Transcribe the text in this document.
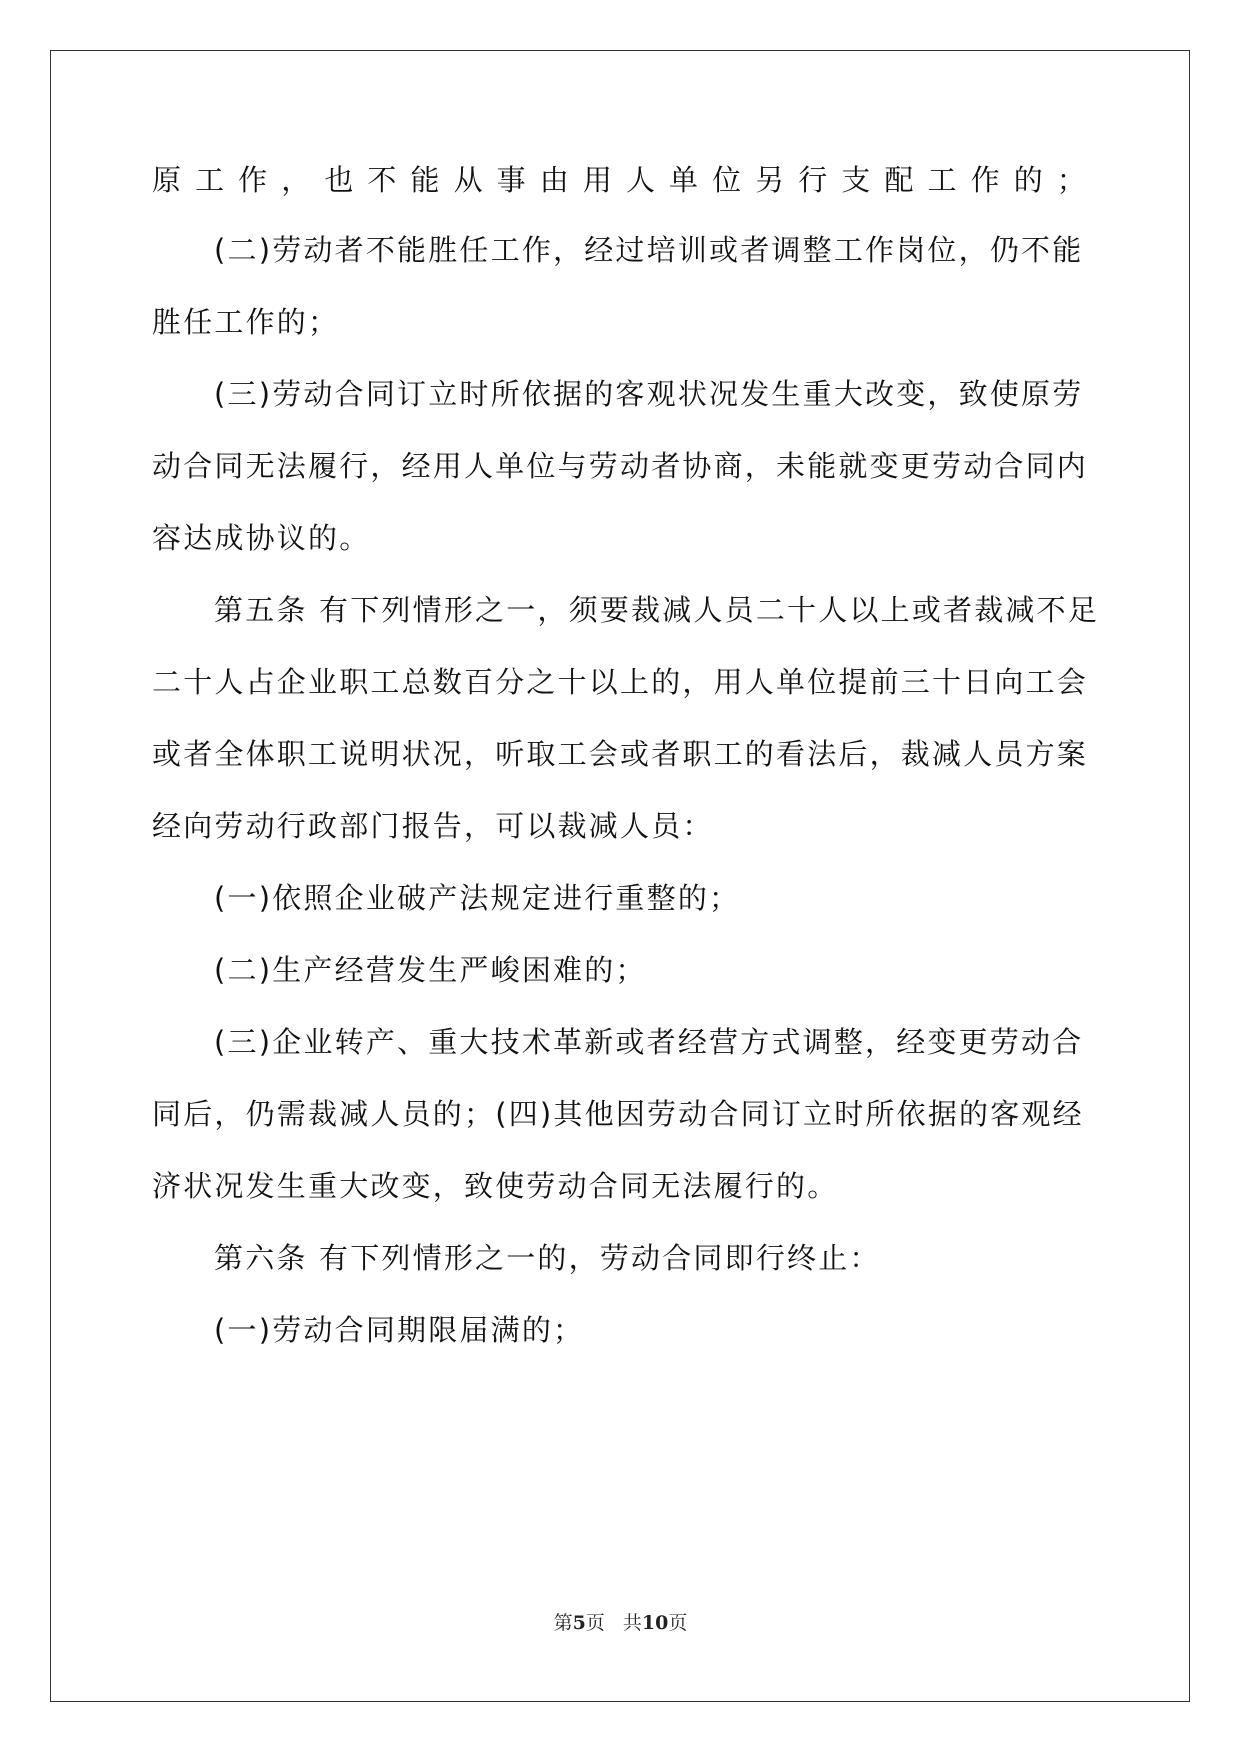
原工作，也不能从事由用人单位另行支配工作的；
(二)劳动者不能胜任工作，经过培训或者调整工作岗位，仍不能
胜任工作的；
(三)劳动合同订立时所依据的客观状况发生重大改变，致使原劳
动合同无法履行，经用人单位与劳动者协商，未能就变更劳动合同内
容达成协议的。
第五条 有下列情形之一，须要裁减人员二十人以上或者裁减不足
二十人占企业职工总数百分之十以上的，用人单位提前三十日向工会
或者全体职工说明状况，听取工会或者职工的看法后，裁减人员方案
经向劳动行政部门报告，可以裁减人员：
(一)依照企业破产法规定进行重整的；
(二)生产经营发生严峻困难的；
(三)企业转产、重大技术革新或者经营方式调整，经变更劳动合
同后，仍需裁减人员的；(四)其他因劳动合同订立时所依据的客观经
济状况发生重大改变，致使劳动合同无法履行的。
第六条 有下列情形之一的，劳动合同即行终止：
(一)劳动合同期限届满的；
第5页 共10页
